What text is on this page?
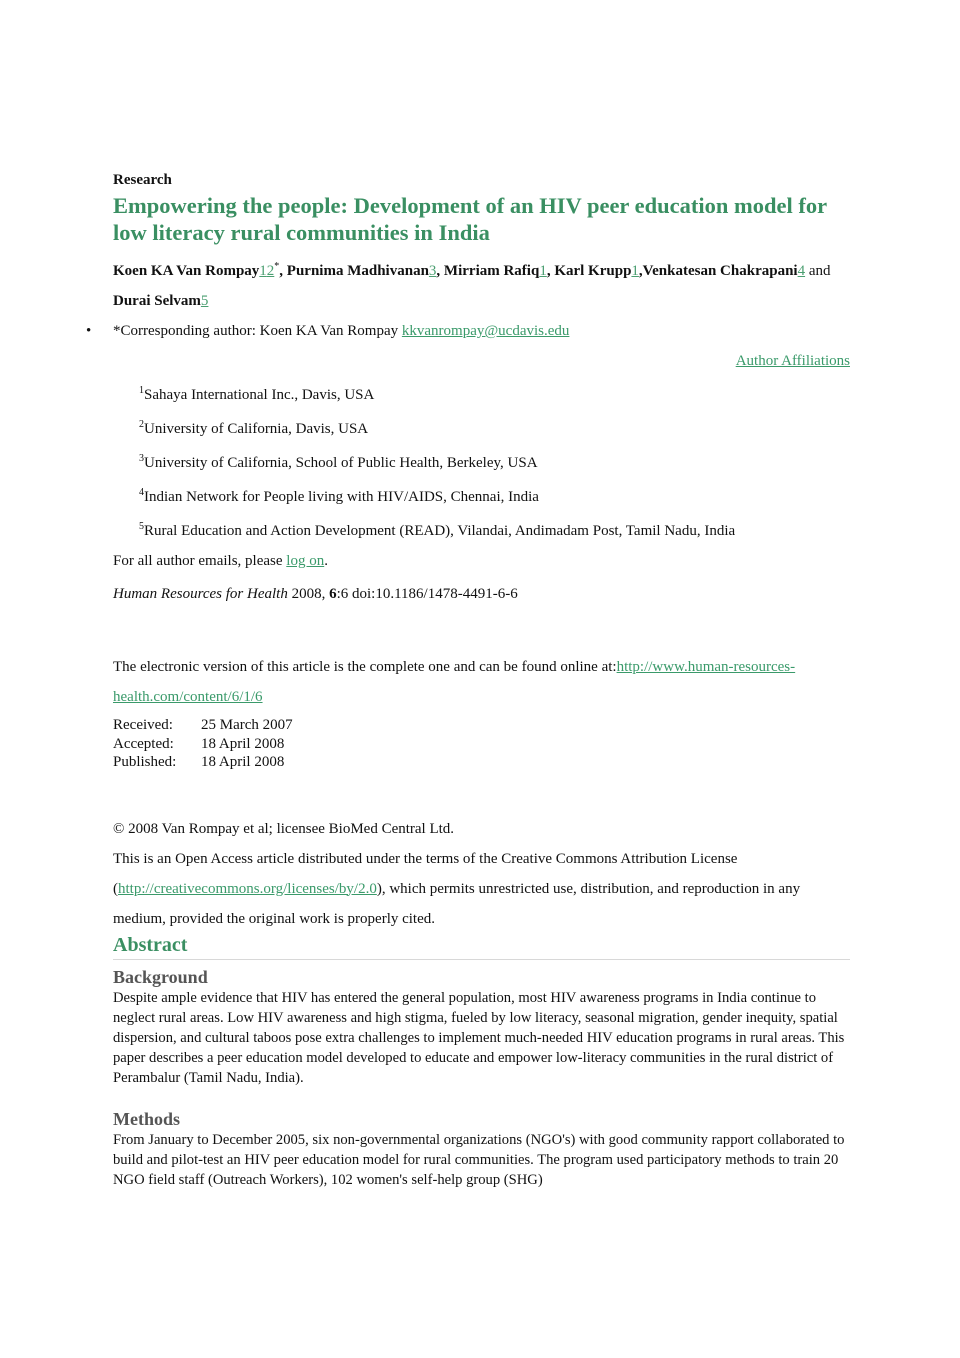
Research

Empowering the people: Development of an HIV peer education model for low literacy rural communities in India

Koen KA Van Rompay12*, Purnima Madhivanan3, Mirriam Rafiq1, Karl Krupp1,Venkatesan Chakrapani4 and Durai Selvam5

• *Corresponding author: Koen KA Van Rompay kkvanrompay@ucdavis.edu

Author Affiliations

$^1$Sahaya International Inc., Davis, USA

$^2$University of California, Davis, USA

$^3$University of California, School of Public Health, Berkeley, USA

$^4$Indian Network for People living with HIV/AIDS, Chennai, India

$^5$Rural Education and Action Development (READ), Vilandai, Andimadam Post, Tamil Nadu, India

For all author emails, please log on.

Human Resources for Health 2008, 6:6 doi:10.1186/1478-4491-6-6

The electronic version of this article is the complete one and can be found online at:http://www.human-resources-health.com/content/6/1/6

Received:	25 March 2007
Accepted:	18 April 2008
Published:	18 April 2008

© 2008 Van Rompay et al; licensee BioMed Central Ltd.

This is an Open Access article distributed under the terms of the Creative Commons Attribution License (http://creativecommons.org/licenses/by/2.0), which permits unrestricted use, distribution, and reproduction in any medium, provided the original work is properly cited.

Abstract
Background

Despite ample evidence that HIV has entered the general population, most HIV awareness programs in India continue to neglect rural areas. Low HIV awareness and high stigma, fueled by low literacy, seasonal migration, gender inequity, spatial dispersion, and cultural taboos pose extra challenges to implement much-needed HIV education programs in rural areas. This paper describes a peer education model developed to educate and empower low-literacy communities in the rural district of Perambalur (Tamil Nadu, India).

Methods

From January to December 2005, six non-governmental organizations (NGO's) with good community rapport collaborated to build and pilot-test an HIV peer education model for rural communities. The program used participatory methods to train 20 NGO field staff (Outreach Workers), 102 women's self-help group (SHG)
